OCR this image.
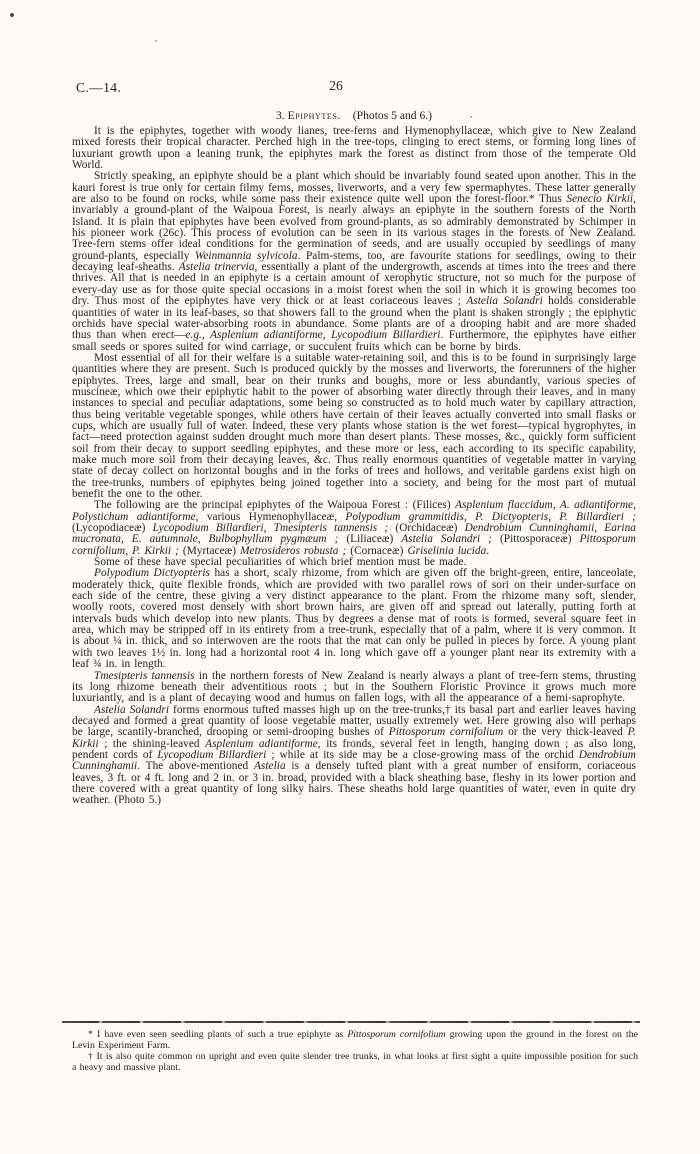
C.—14.	26
3. Epiphytes. (Photos 5 and 6.)

It is the epiphytes, together with woody lianes, tree-ferns and Hymenophyllaceæ, which give to New Zealand mixed forests their tropical character. Perched high in the tree-tops, clinging to erect stems, or forming long lines of luxuriant growth upon a leaning trunk, the epiphytes mark the forest as distinct from those of the temperate Old World.

Strictly speaking, an epiphyte should be a plant which should be invariably found seated upon another. This in the kauri forest is true only for certain filmy ferns, mosses, liverworts, and a very few spermaphytes. These latter generally are also to be found on rocks, while some pass their existence quite well upon the forest-floor.* Thus Senecio Kirkii, invariably a ground-plant of the Waipoua Forest, is nearly always an epiphyte in the southern forests of the North Island. It is plain that epiphytes have been evolved from ground-plants, as so admirably demonstrated by Schimper in his pioneer work (26c). This process of evolution can be seen in its various stages in the forests of New Zealand. Tree-fern stems offer ideal conditions for the germination of seeds, and are usually occupied by seedlings of many ground-plants, especially Weinmannia sylvicola. Palm-stems, too, are favourite stations for seedlings, owing to their decaying leaf-sheaths. Astelia trinervia, essentially a plant of the undergrowth, ascends at times into the trees and there thrives. All that is needed in an epiphyte is a certain amount of xerophytic structure, not so much for the purpose of every-day use as for those quite special occasions in a moist forest when the soil in which it is growing becomes too dry. Thus most of the epiphytes have very thick or at least coriaceous leaves ; Astelia Solandri holds considerable quantities of water in its leaf-bases, so that showers fall to the ground when the plant is shaken strongly ; the epiphytic orchids have special water-absorbing roots in abundance. Some plants are of a drooping habit and are more shaded thus than when erect—e.g., Asplenium adiantiforme, Lycopodium Billardieri. Furthermore, the epiphytes have either small seeds or spores suited for wind carriage, or succulent fruits which can be borne by birds.

Most essential of all for their welfare is a suitable water-retaining soil, and this is to be found in surprisingly large quantities where they are present. Such is produced quickly by the mosses and liverworts, the forerunners of the higher epiphytes. Trees, large and small, bear on their trunks and boughs, more or less abundantly, various species of muscineæ, which owe their epiphytic habit to the power of absorbing water directly through their leaves, and in many instances to special and peculiar adaptations, some being so constructed as to hold much water by capillary attraction, thus being veritable vegetable sponges, while others have certain of their leaves actually converted into small flasks or cups, which are usually full of water. Indeed, these very plants whose station is the wet forest—typical hygrophytes, in fact—need protection against sudden drought much more than desert plants. These mosses, &c., quickly form sufficient soil from their decay to support seedling epiphytes, and these more or less, each according to its specific capability, make much more soil from their decaying leaves, &c. Thus really enormous quantities of vegetable matter in varying state of decay collect on horizontal boughs and in the forks of trees and hollows, and veritable gardens exist high on the tree-trunks, numbers of epiphytes being joined together into a society, and being for the most part of mutual benefit the one to the other.

The following are the principal epiphytes of the Waipoua Forest : (Filices) Asplenium flaccidum, A. adiantiforme, Polystichum adiantiforme, various Hymenophyllaceæ, Polypodium grammitidis, P. Dictyopteris, P. Billardieri ; (Lycopodiaceæ) Lycopodium Billardieri, Tmesipteris tannensis ; (Orchidaceæ) Dendrobium Cunninghamii, Earina mucronata, E. autumnale, Bulbophyllum pygmæum ; (Liliaceæ) Astelia Solandri ; (Pittosporaceæ) Pittosporum cornifolium, P. Kirkii ; (Myrtaceæ) Metrosideros robusta ; (Cornaceæ) Griselinia lucida.

Some of these have special peculiarities of which brief mention must be made.

Polypodium Dictyopteris has a short, scaly rhizome, from which are given off the bright-green, entire, lanceolate, moderately thick, quite flexible fronds, which are provided with two parallel rows of sori on their under-surface on each side of the centre, these giving a very distinct appearance to the plant. From the rhizome many soft, slender, woolly roots, covered most densely with short brown hairs, are given off and spread out laterally, putting forth at intervals buds which develop into new plants. Thus by degrees a dense mat of roots is formed, several square feet in area, which may be stripped off in its entirety from a tree-trunk, especially that of a palm, where it is very common. It is about ¼ in. thick, and so interwoven are the roots that the mat can only be pulled in pieces by force. A young plant with two leaves 1½ in. long had a horizontal root 4 in. long which gave off a younger plant near its extremity with a leaf ¾ in. in length.

Tmesipteris tannensis in the northern forests of New Zealand is nearly always a plant of tree-fern stems, thrusting its long rhizome beneath their adventitious roots ; but in the Southern Floristic Province it grows much more luxuriantly, and is a plant of decaying wood and humus on fallen logs, with all the appearance of a hemi-saprophyte.

Astelia Solandri forms enormous tufted masses high up on the tree-trunks,† its basal part and earlier leaves having decayed and formed a great quantity of loose vegetable matter, usually extremely wet. Here growing also will perhaps be large, scantily-branched, drooping or semi-drooping bushes of Pittosporum cornifolium or the very thick-leaved P. Kirkii ; the shining-leaved Asplenium adiantiforme, its fronds, several feet in length, hanging down ; as also long, pendent cords of Lycopodium Billardieri ; while at its side may be a close-growing mass of the orchid Dendrobium Cunninghamii. The above-mentioned Astelia is a densely tufted plant with a great number of ensiform, coriaceous leaves, 3 ft. or 4 ft. long and 2 in. or 3 in. broad, provided with a black sheathing base, fleshy in its lower portion and there covered with a great quantity of long silky hairs. These sheaths hold large quantities of water, even in quite dry weather. (Photo 5.)

* I have even seen seedling plants of such a true epiphyte as Pittosporum cornifolium growing upon the ground in the forest on the Levin Experiment Farm.

† It is also quite common on upright and even quite slender tree trunks, in what looks at first sight a quite impossible position for such a heavy and massive plant.
